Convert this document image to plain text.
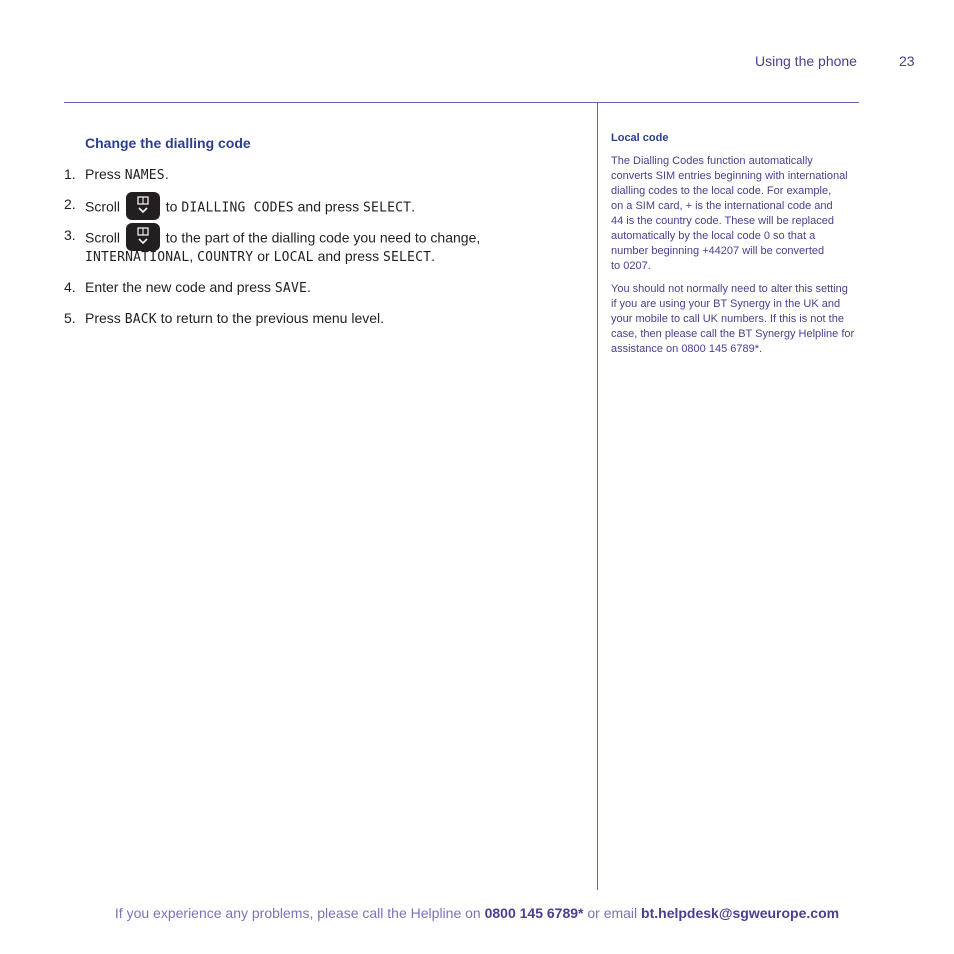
Using the phone	23
Change the dialling code
1. Press NAMES.
2. Scroll	to DIALLING CODES and press SELECT.
3. Scroll	to the part of the dialling code you need to change,
INTERNATIONAL, COUNTRY or LOCAL and press SELECT.
4. Enter the new code and press SAVE.
5. Press BACK to return to the previous menu level.
Local code
The Dialling Codes function automatically
converts SIM entries beginning with international
dialling codes to the local code. For example,
on a SIM card, + is the international code and
44 is the country code. These will be replaced
automatically by the local code 0 so that a
number beginning +44207 will be converted
to 0207.
You should not normally need to alter this setting
if you are using your BT Synergy in the UK and
your mobile to call UK numbers. If this is not the
case, then please call the BT Synergy Helpline for
assistance on 0800 145 6789*.
If you experience any problems, please call the Helpline on 0800 145 6789* or email bt.helpdesk@sgweurope.com
